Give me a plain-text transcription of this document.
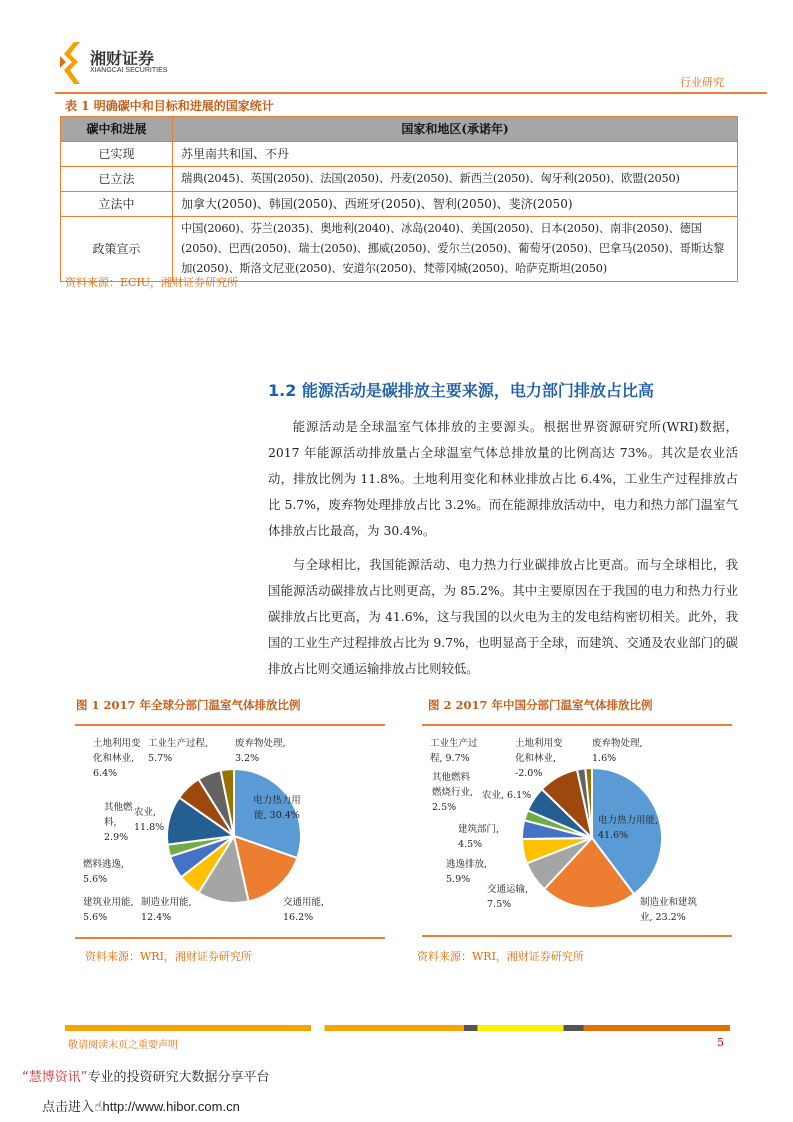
湘财证券
XIANGCAI SECURITIES
行业研究
表 1 明确碳中和目标和进展的国家统计
碳中和进展	国家和地区(承诺年)
已实现	苏里南共和国、不丹
已立法	瑞典(2045)、英国(2050)、法国(2050)、丹麦(2050)、新西兰(2050)、匈牙利(2050)、欧盟(2050)
立法中	加拿大(2050)、韩国(2050)、西班牙(2050)、智利(2050)、斐济(2050)
政策宣示	中国(2060)、芬兰(2035)、奥地利(2040)、冰岛(2040)、美国(2050)、日本(2050)、南非(2050)、德国(2050)、巴西(2050)、瑞士(2050)、挪威(2050)、爱尔兰(2050)、葡萄牙(2050)、巴拿马(2050)、哥斯达黎加(2050)、斯洛文尼亚(2050)、安道尔(2050)、梵蒂冈城(2050)、哈萨克斯坦(2050)
资料来源：ECIU，湘财证券研究所
1.2 能源活动是碳排放主要来源，电力部门排放占比高

能源活动是全球温室气体排放的主要源头。根据世界资源研究所(WRI)数据，2017 年能源活动排放量占全球温室气体总排放量的比例高达 73%。其次是农业活动，排放比例为 11.8%。土地利用变化和林业排放占比 6.4%，工业生产过程排放占比 5.7%，废弃物处理排放占比 3.2%。而在能源排放活动中，电力和热力部门温室气体排放占比最高，为 30.4%。

与全球相比，我国能源活动、电力热力行业碳排放占比更高。而与全球相比，我国能源活动碳排放占比则更高，为 85.2%。其中主要原因在于我国的电力和热力行业碳排放占比更高，为 41.6%，这与我国的以火电为主的发电结构密切相关。此外，我国的工业生产过程排放占比为 9.7%，也明显高于全球，而建筑、交通及农业部门的碳排放占比则交通运输排放占比则较低。

图 1 2017 年全球分部门温室气体排放比例
土地利用变化和林业, 6.4%
工业生产过程, 5.7%
废弃物处理, 3.2%
电力热力用能, 30.4%
其他燃料, 2.9%
农业, 11.8%
燃料逃逸, 5.6%
建筑业用能, 5.6%
制造业用能, 12.4%
交通用能, 16.2%
资料来源：WRI，湘财证券研究所
图 2 2017 年中国分部门温室气体排放比例
工业生产过程, 9.7%
土地利用变化和林业, -2.0%
废弃物处理, 1.6%
其他燃料燃烧行业, 2.5%
农业, 6.1%
建筑部门, 4.5%
逃逸排放, 5.9%
交通运输, 7.5%
电力热力用能, 41.6%
制造业和建筑业, 23.2%
资料来源：WRI，湘财证券研究所
敬请阅读末页之重要声明	5
“慧博资讯”专业的投资研究大数据分享平台
点击进入☝http://www.hibor.com.cn
